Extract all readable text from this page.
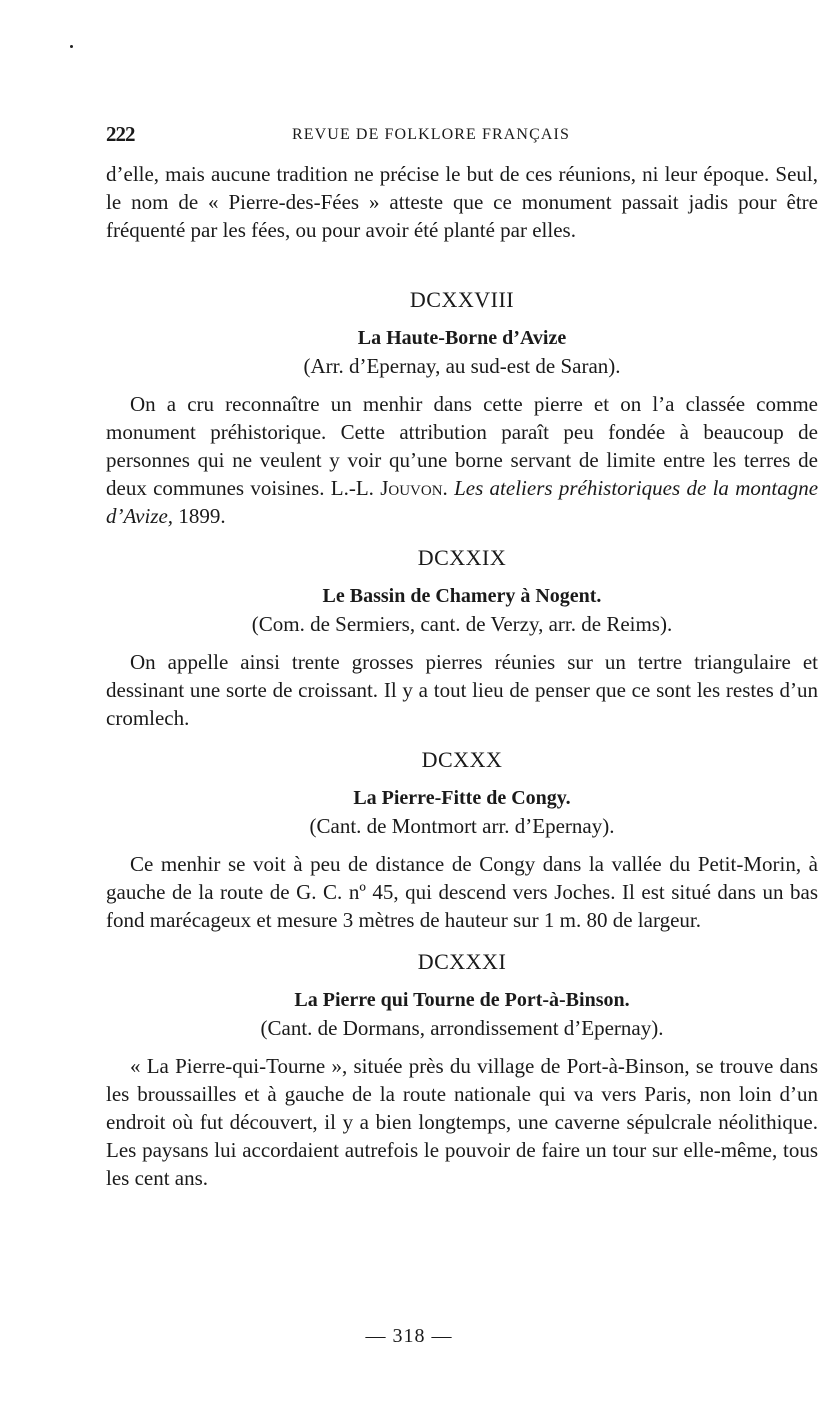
222	REVUE DE FOLKLORE FRANÇAIS

d’elle, mais aucune tradition ne précise le but de ces réunions, ni leur époque. Seul, le nom de « Pierre-des-Fées » atteste que ce monument passait jadis pour être fréquenté par les fées, ou pour avoir été planté par elles.

DCXXVIII
La Haute-Borne d’Avize
(Arr. d’Epernay, au sud-est de Saran).

On a cru reconnaître un menhir dans cette pierre et on l’a classée comme monument préhistorique. Cette attribution paraît peu fondée à beaucoup de personnes qui ne veulent y voir qu’une borne servant de limite entre les terres de deux communes voisines. L.-L. Jouvon. Les ateliers préhistoriques de la montagne d’Avize, 1899.

DCXXIX
Le Bassin de Chamery à Nogent.
(Com. de Sermiers, cant. de Verzy, arr. de Reims).

On appelle ainsi trente grosses pierres réunies sur un tertre triangulaire et dessinant une sorte de croissant. Il y a tout lieu de penser que ce sont les restes d’un cromlech.

DCXXX
La Pierre-Fitte de Congy.
(Cant. de Montmort arr. d’Epernay).

Ce menhir se voit à peu de distance de Congy dans la vallée du Petit-Morin, à gauche de la route de G. C. nº 45, qui descend vers Joches. Il est situé dans un bas fond marécageux et mesure 3 mètres de hauteur sur 1 m. 80 de largeur.

DCXXXI
La Pierre qui Tourne de Port-à-Binson.
(Cant. de Dormans, arrondissement d’Epernay).

« La Pierre-qui-Tourne », située près du village de Port-à-Binson, se trouve dans les broussailles et à gauche de la route nationale qui va vers Paris, non loin d’un endroit où fut découvert, il y a bien longtemps, une caverne sépulcrale néolithique. Les paysans lui accordaient autrefois le pouvoir de faire un tour sur elle-même, tous les cent ans.

— 318 —
